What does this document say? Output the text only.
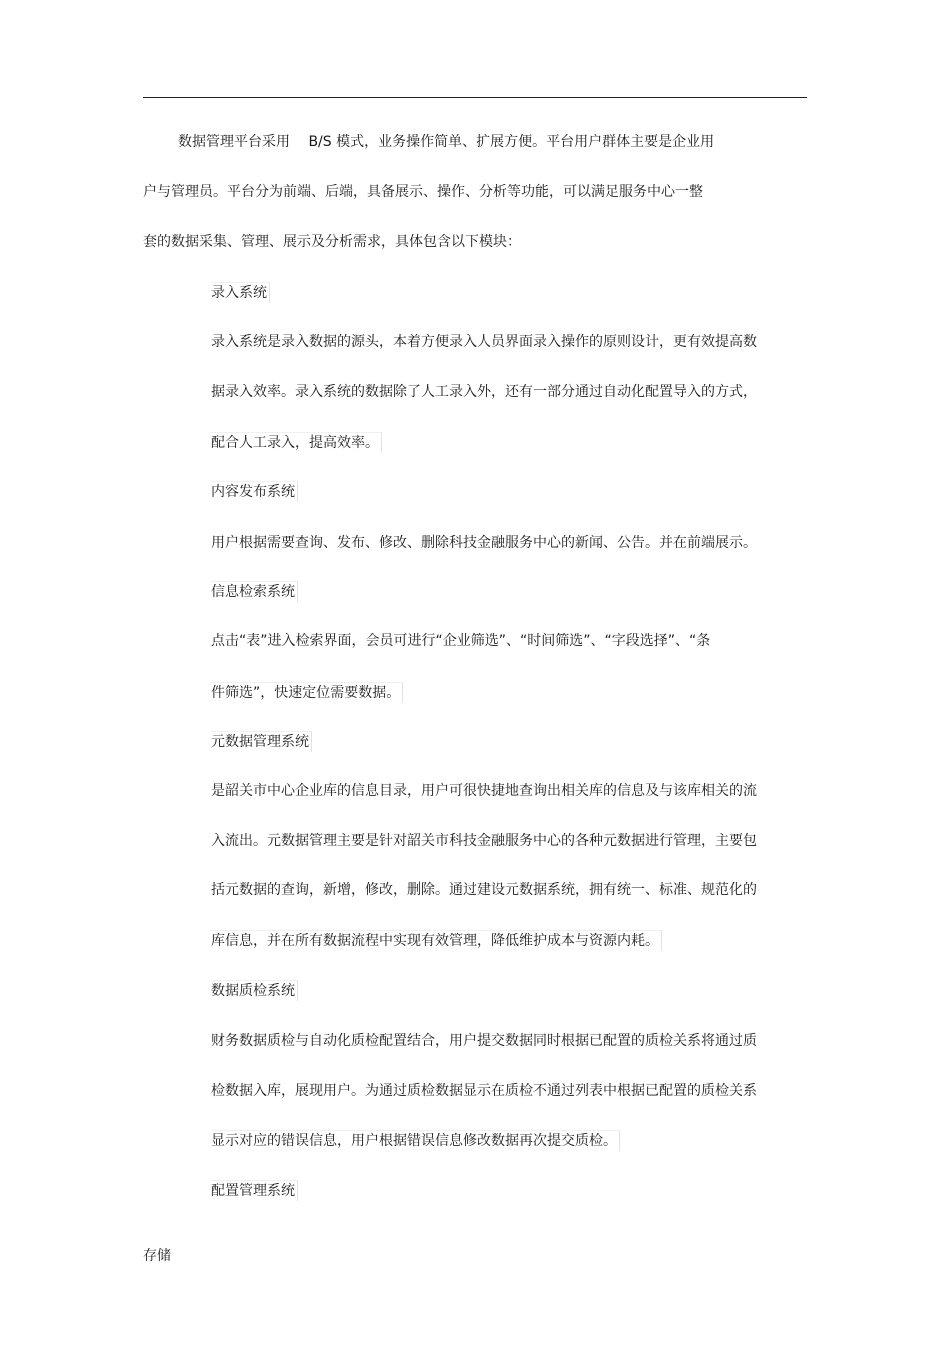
数据管理平台采用　 B/S 模式，业务操作简单、扩展方便。平台用户群体主要是企业用
户与管理员。平台分为前端、后端，具备展示、操作、分析等功能，可以满足服务中心一整
套的数据采集、管理、展示及分析需求，具体包含以下模块：
录入系统
录入系统是录入数据的源头，本着方便录入人员界面录入操作的原则设计，更有效提高数
据录入效率。录入系统的数据除了人工录入外，还有一部分通过自动化配置导入的方式，
配合人工录入，提高效率。
内容发布系统
用户根据需要查询、发布、修改、删除科技金融服务中心的新闻、公告。并在前端展示。
信息检索系统
点击“表”进入检索界面，会员可进行“企业筛选”、“时间筛选”、“字段选择”、“条
件筛选”，快速定位需要数据。
元数据管理系统
是韶关市中心企业库的信息目录，用户可很快捷地查询出相关库的信息及与该库相关的流
入流出。元数据管理主要是针对韶关市科技金融服务中心的各种元数据进行管理，主要包
括元数据的查询，新增，修改，删除。通过建设元数据系统，拥有统一、标准、规范化的
库信息，并在所有数据流程中实现有效管理，降低维护成本与资源内耗。
数据质检系统
财务数据质检与自动化质检配置结合，用户提交数据同时根据已配置的质检关系将通过质
检数据入库，展现用户。为通过质检数据显示在质检不通过列表中根据已配置的质检关系
显示对应的错误信息，用户根据错误信息修改数据再次提交质检。
配置管理系统
存储
